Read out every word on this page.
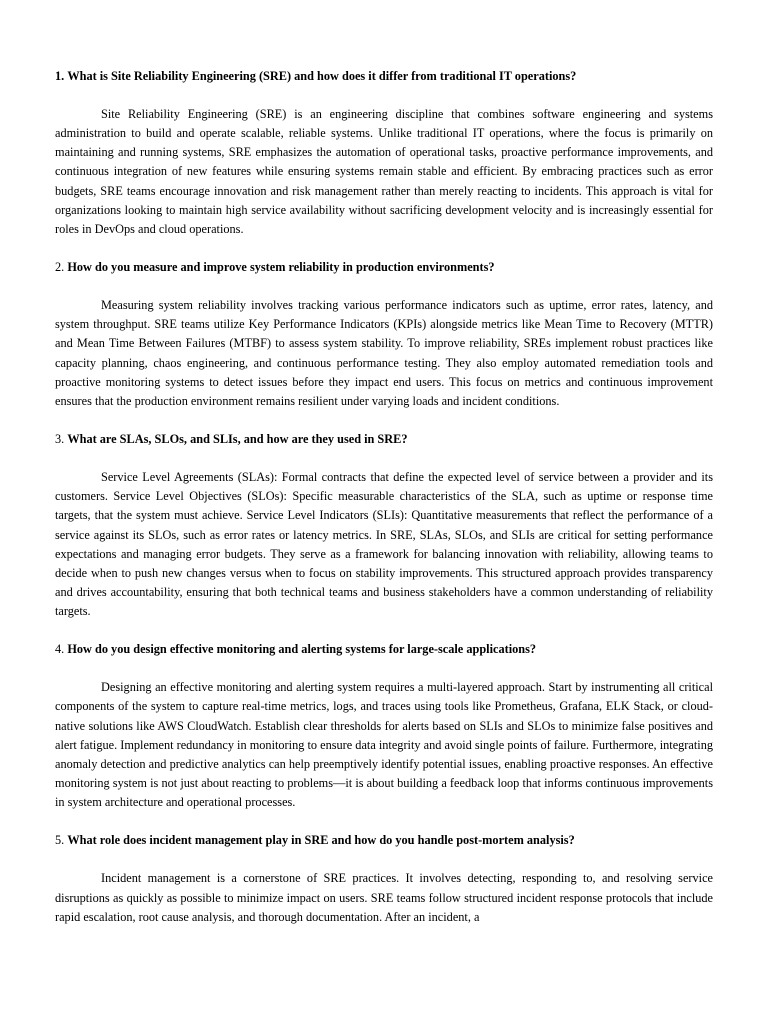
1. What is Site Reliability Engineering (SRE) and how does it differ from traditional IT operations?

Site Reliability Engineering (SRE) is an engineering discipline that combines software engineering and systems administration to build and operate scalable, reliable systems. Unlike traditional IT operations, where the focus is primarily on maintaining and running systems, SRE emphasizes the automation of operational tasks, proactive performance improvements, and continuous integration of new features while ensuring systems remain stable and efficient. By embracing practices such as error budgets, SRE teams encourage innovation and risk management rather than merely reacting to incidents. This approach is vital for organizations looking to maintain high service availability without sacrificing development velocity and is increasingly essential for roles in DevOps and cloud operations.

2. How do you measure and improve system reliability in production environments?

Measuring system reliability involves tracking various performance indicators such as uptime, error rates, latency, and system throughput. SRE teams utilize Key Performance Indicators (KPIs) alongside metrics like Mean Time to Recovery (MTTR) and Mean Time Between Failures (MTBF) to assess system stability. To improve reliability, SREs implement robust practices like capacity planning, chaos engineering, and continuous performance testing. They also employ automated remediation tools and proactive monitoring systems to detect issues before they impact end users. This focus on metrics and continuous improvement ensures that the production environment remains resilient under varying loads and incident conditions.

3. What are SLAs, SLOs, and SLIs, and how are they used in SRE?

Service Level Agreements (SLAs): Formal contracts that define the expected level of service between a provider and its customers. Service Level Objectives (SLOs): Specific measurable characteristics of the SLA, such as uptime or response time targets, that the system must achieve. Service Level Indicators (SLIs): Quantitative measurements that reflect the performance of a service against its SLOs, such as error rates or latency metrics. In SRE, SLAs, SLOs, and SLIs are critical for setting performance expectations and managing error budgets. They serve as a framework for balancing innovation with reliability, allowing teams to decide when to push new changes versus when to focus on stability improvements. This structured approach provides transparency and drives accountability, ensuring that both technical teams and business stakeholders have a common understanding of reliability targets.

4. How do you design effective monitoring and alerting systems for large-scale applications?

Designing an effective monitoring and alerting system requires a multi-layered approach. Start by instrumenting all critical components of the system to capture real-time metrics, logs, and traces using tools like Prometheus, Grafana, ELK Stack, or cloud-native solutions like AWS CloudWatch. Establish clear thresholds for alerts based on SLIs and SLOs to minimize false positives and alert fatigue. Implement redundancy in monitoring to ensure data integrity and avoid single points of failure. Furthermore, integrating anomaly detection and predictive analytics can help preemptively identify potential issues, enabling proactive responses. An effective monitoring system is not just about reacting to problems—it is about building a feedback loop that informs continuous improvements in system architecture and operational processes.

5. What role does incident management play in SRE and how do you handle post-mortem analysis?

Incident management is a cornerstone of SRE practices. It involves detecting, responding to, and resolving service disruptions as quickly as possible to minimize impact on users. SRE teams follow structured incident response protocols that include rapid escalation, root cause analysis, and thorough documentation. After an incident, a
